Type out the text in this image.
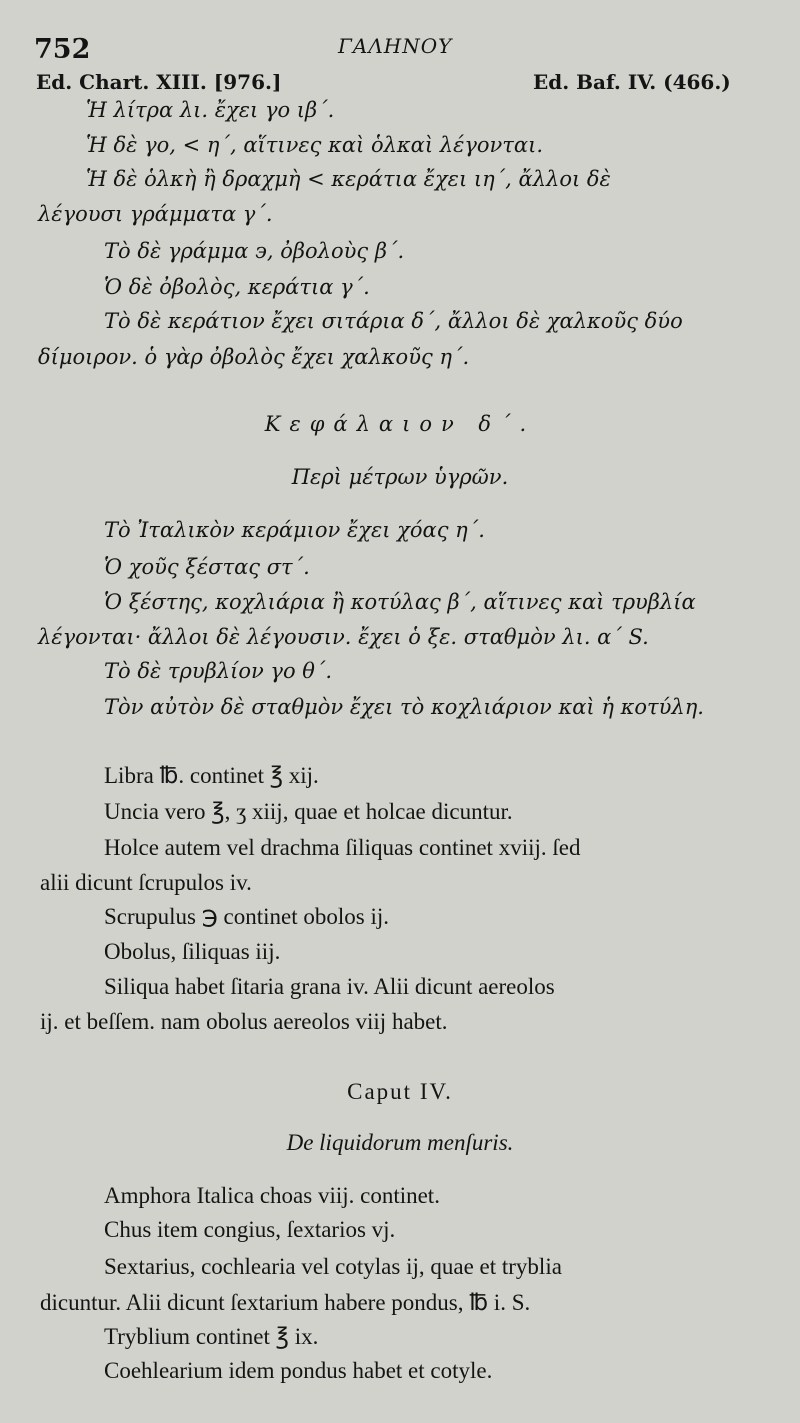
752	ΓΑΛΗΝΟΥ
Ed. Chart. XIII. [976.]	Ed. Baf. IV. (466.)
Ἡ λίτρα λι. ἔχει γο ιβ΄.
Ἡ δὲ γο, < η΄, αἵτινες καὶ ὁλκαὶ λέγονται.
Ἡ δὲ ὁλκὴ ἢ δραχμὴ < κεράτια ἔχει ιη΄, ἄλλοι δὲ
λέγουσι γράμματα γ΄.
Τὸ δὲ γράμμα ϶, ὀβολοὺς β΄.
Ὁ δὲ ὀβολὸς, κεράτια γ΄.
Τὸ δὲ κεράτιον ἔχει σιτάρια δ΄, ἄλλοι δὲ χαλκοῦς δύο
δίμοιρον. ὁ γὰρ ὀβολὸς ἔχει χαλκοῦς η΄.
Κεφάλαιον δ΄.
Περὶ μέτρων ὑγρῶν.
Τὸ Ἰταλικὸν κεράμιον ἔχει χόας η΄.
Ὁ χοῦς ξέστας στ΄.
Ὁ ξέστης, κοχλιάρια ἢ κοτύλας β΄, αἵτινες καὶ τρυβλία
λέγονται· ἄλλοι δὲ λέγουσιν. ἔχει ὁ ξε. σταθμὸν λι. α΄ S.
Τὸ δὲ τρυβλίον γο θ΄.
Τὸν αὐτὸν δὲ σταθμὸν ἔχει τὸ κοχλιάριον καὶ ἡ κοτύλη.
Libra ℔. continet ℥ xij.
Uncia vero ℥, ʒ xiij, quae et holcae dicuntur.
Holce autem vel drachma ſiliquas continet xviij. ſed
alii dicunt ſcrupulos iv.
Scrupulus ℈ continet obolos ij.
Obolus, ſiliquas iij.
Siliqua habet ſitaria grana iv. Alii dicunt aereolos
ij. et beſſem. nam obolus aereolos viij habet.
Caput IV.
De liquidorum menſuris.
Amphora Italica choas viij. continet.
Chus item congius, ſextarios vj.
Sextarius, cochlearia vel cotylas ij, quae et tryblia
dicuntur. Alii dicunt ſextarium habere pondus, ℔ i. S.
Tryblium continet ℥ ix.
Coehlearium idem pondus habet et cotyle.
